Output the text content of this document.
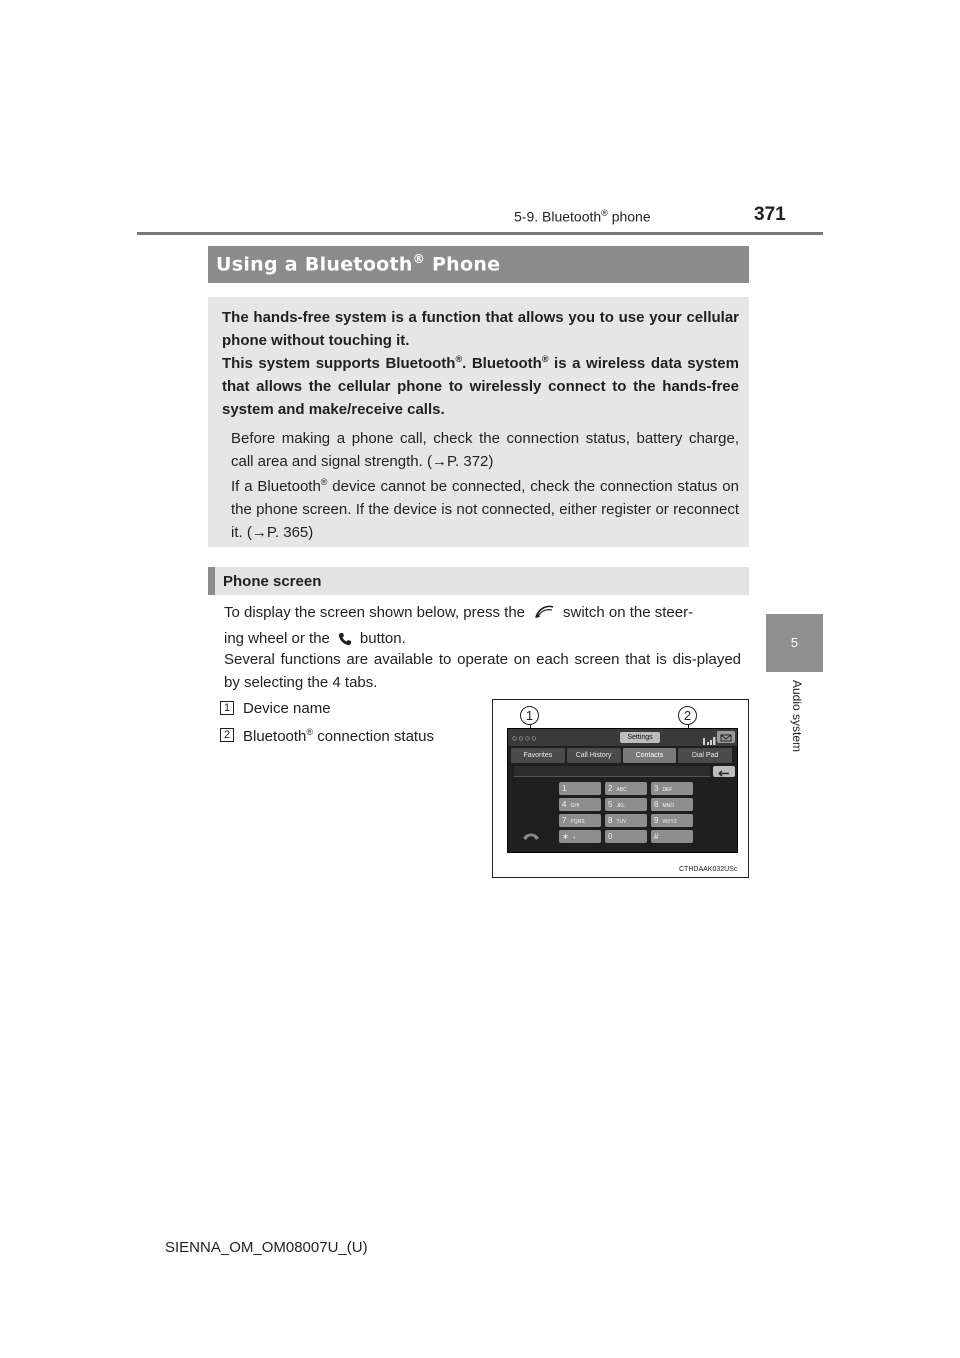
5-9. Bluetooth® phone	371
5
Audio system
Using a Bluetooth® Phone

The hands-free system is a function that allows you to use your cellular phone without touching it.

This system supports Bluetooth®. Bluetooth® is a wireless data system that allows the cellular phone to wirelessly connect to the hands-free system and make/receive calls.

Before making a phone call, check the connection status, battery charge, call area and signal strength. (→P. 372)

If a Bluetooth® device cannot be connected, check the connection status on the phone screen. If the device is not connected, either register or reconnect it. (→P. 365)

Phone screen

To display the screen shown below, press the	switch on the steer-
ing wheel or the button.

Several functions are available to operate on each screen that is dis-played by selecting the 4 tabs.

1 Device name
2 Bluetooth® connection status
1	2
○○○○	Settings
Favorites	Call History	Contacts	Dial Pad
1	2 ABC	3 DEF
4 GHI	5 JKL	6 MNO
7 PQRS	8 TUV	9 WXYZ
∗ +	0	#
CTHDAAK032USc
SIENNA_OM_OM08007U_(U)
